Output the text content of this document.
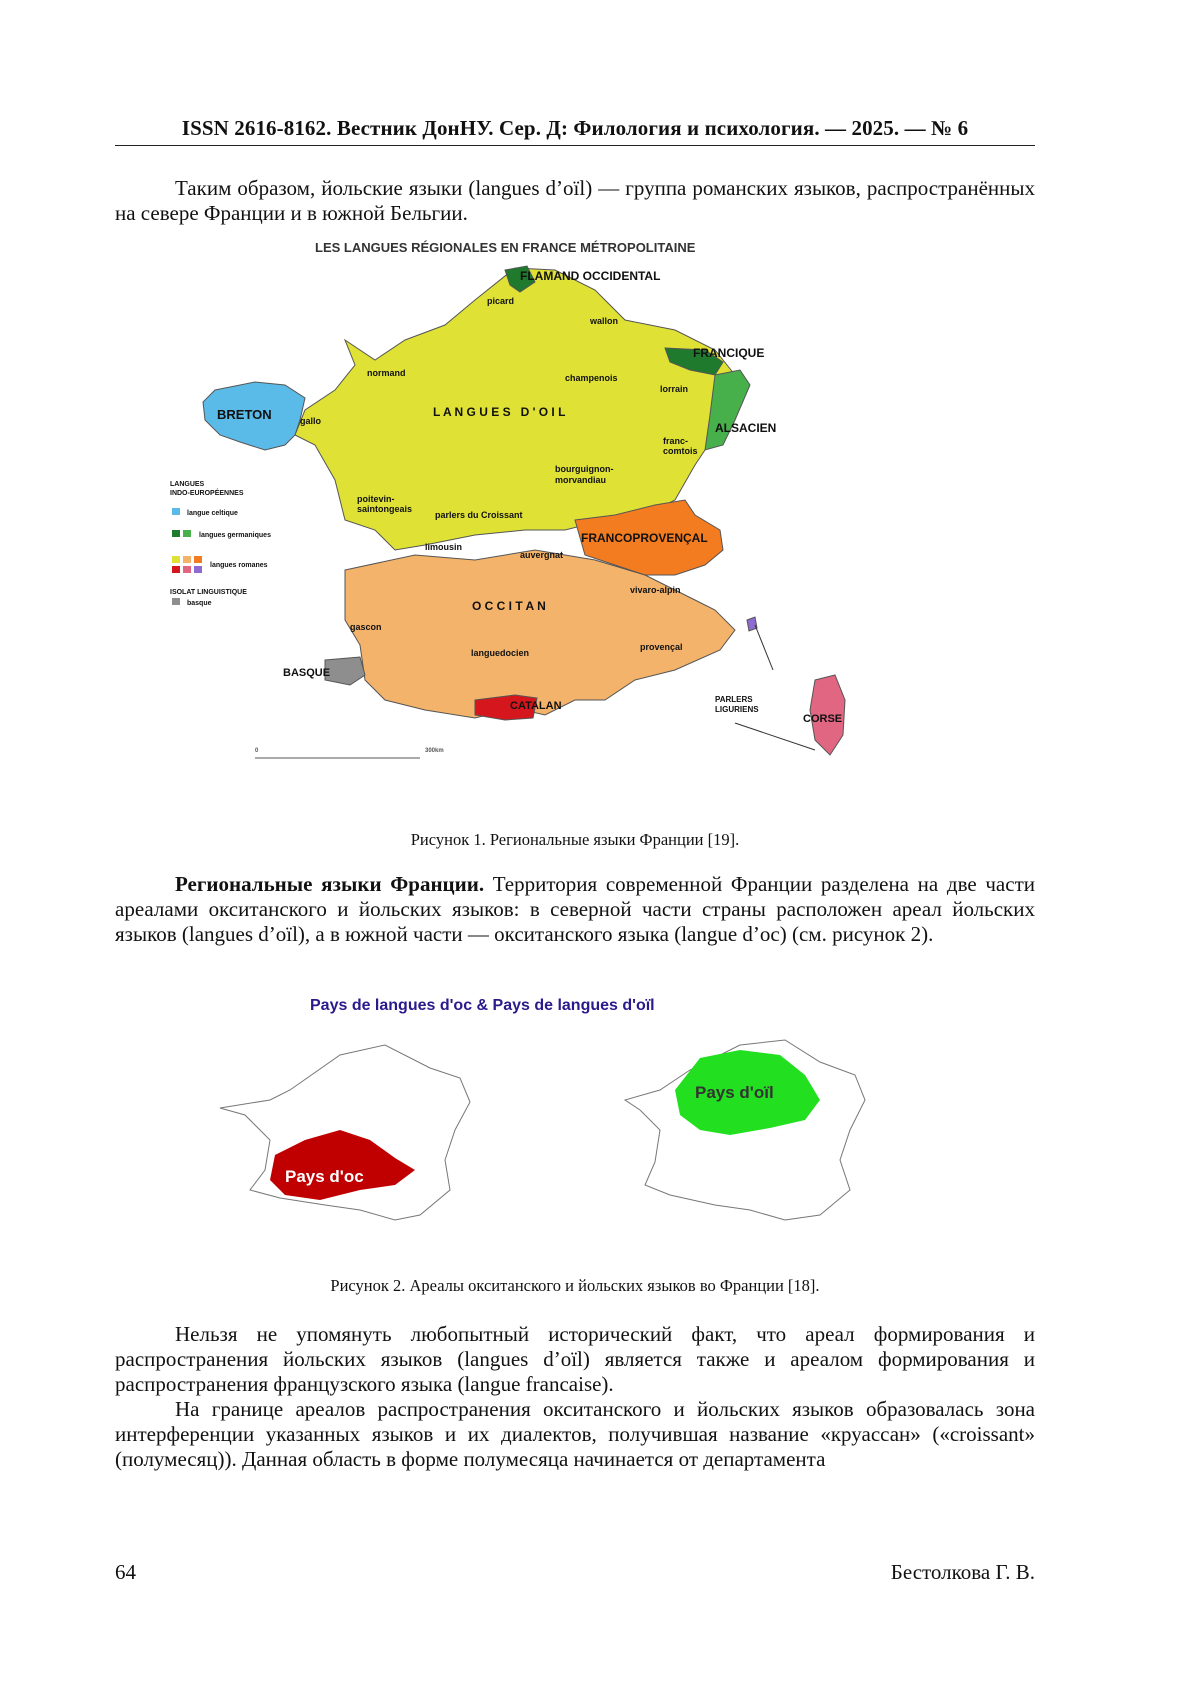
ISSN 2616-8162. Вестник ДонНУ. Сер. Д: Филология и психология. — 2025. — № 6

Таким образом, йольские языки (langues d’oïl) — группа романских языков, распространённых на севере Франции и в южной Бельгии.

LES LANGUES RÉGIONALES EN FRANCE MÉTROPOLITAINE
FLAMAND OCCIDENTAL
picard
wallon
FRANCIQUE
normand	champenois
lorrain
BRETON	gallo
L A N G U E S   D ' O I L
ALSACIEN
franc-
comtois
bourguignon-
morvandiau
poitevin-
saintongeais
parlers du Croissant
FRANCOPROVENÇAL
limousin
auvergnat
vivaro-alpin
O C C I T A N
gascon
languedocien
provençal
BASQUE
CATALAN
PARLERS
LIGURIENS
CORSE
LANGUES
INDO-EUROPÉENNES
langue celtique
langues germaniques
langues romanes
ISOLAT LINGUISTIQUE
basque
0	300km
Рисунок 1. Региональные языки Франции [19].

Региональные языки Франции. Территория современной Франции разделена на две части ареалами окситанского и йольских языков: в северной части страны расположен ареал йольских языков (langues d’oïl), а в южной части — окситанского языка (langue d’oc) (см. рисунок 2).

Pays de langues d'oc & Pays de langues d'oïl
Pays d'oc
Pays d'oïl
Рисунок 2. Ареалы окситанского и йольских языков во Франции [18].

Нельзя не упомянуть любопытный исторический факт, что ареал формирования и распространения йольских языков (langues d’oïl) является также и ареалом формирования и распространения французского языка (langue francaise).

На границе ареалов распространения окситанского и йольских языков образовалась зона интерференции указанных языков и их диалектов, получившая название «круассан» («croissant» (полумесяц)). Данная область в форме полумесяца начинается от департамента

64	Бестолкова Г. В.
